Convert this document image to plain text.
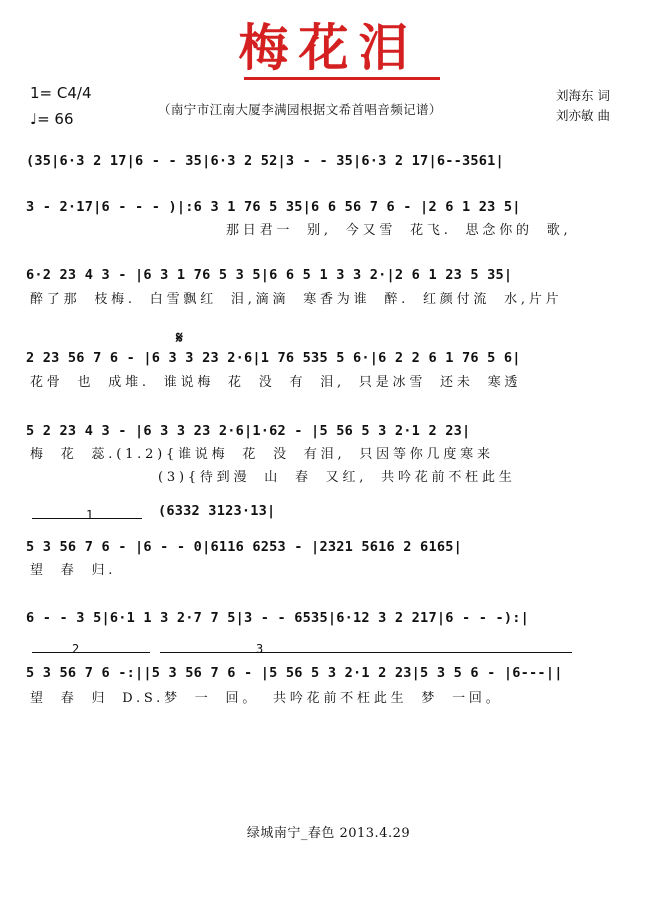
梅花泪
1= C4/4
♩= 66
（南宁市江南大厦李满园根据文希首唱音频记谱）
刘海东 词
刘亦敏 曲
𝄋
(35|6·3 2 17|6 - - 35|6·3 2 52|3 - - 35|6·3 2 17|6--3561|
3 - 2·17|6 - - - )|:6 3 1 76 5 35|6 6 56 7 6 - |2 6 1 23 5|
那日君一 别, 今又雪 花飞. 思念你的 歌,
6·2 23 4 3 - |6 3 1 76 5 3 5|6 6 5 1 3 3 2·|2 6 1 23 5 35|
醉了那 枝梅. 白雪飘红 泪,滴滴 寒香为谁 醉. 红颜付流 水,片片
2 23 56 7 6 - |6 3 3 23 2·6|1 76 535 5 6·|6 2 2 6 1 76 5 6|
花骨 也 成堆. 谁说梅 花 没 有 泪, 只是冰雪 还未 寒透
5 2 23 4 3 - |6 3 3 23 2·6|1·62 - |5 56 5 3 2·1 2 23|
梅 花 蕊.(1.2){谁说梅 花 没 有泪, 只因等你几度寒来
(3){待到漫 山 春 又红, 共吟花前不枉此生
(6332 3123·13|
1
5 3 56 7 6 - |6 - - 0|6116 6253 - |2321 5616 2 6165|
望 春 归.
6 - - 3 5|6·1 1 3 2·7 7 5|3 - - 6535|6·12 3 2 217|6 - - -):|
2	3
5 3 56 7 6 -:||5 3 56 7 6 - |5 56 5 3 2·1 2 23|5 3 5 6 - |6---||
望 春 归 D.S.梦 一 回。 共吟花前不枉此生 梦 一回。
绿城南宁_春色 2013.4.29
